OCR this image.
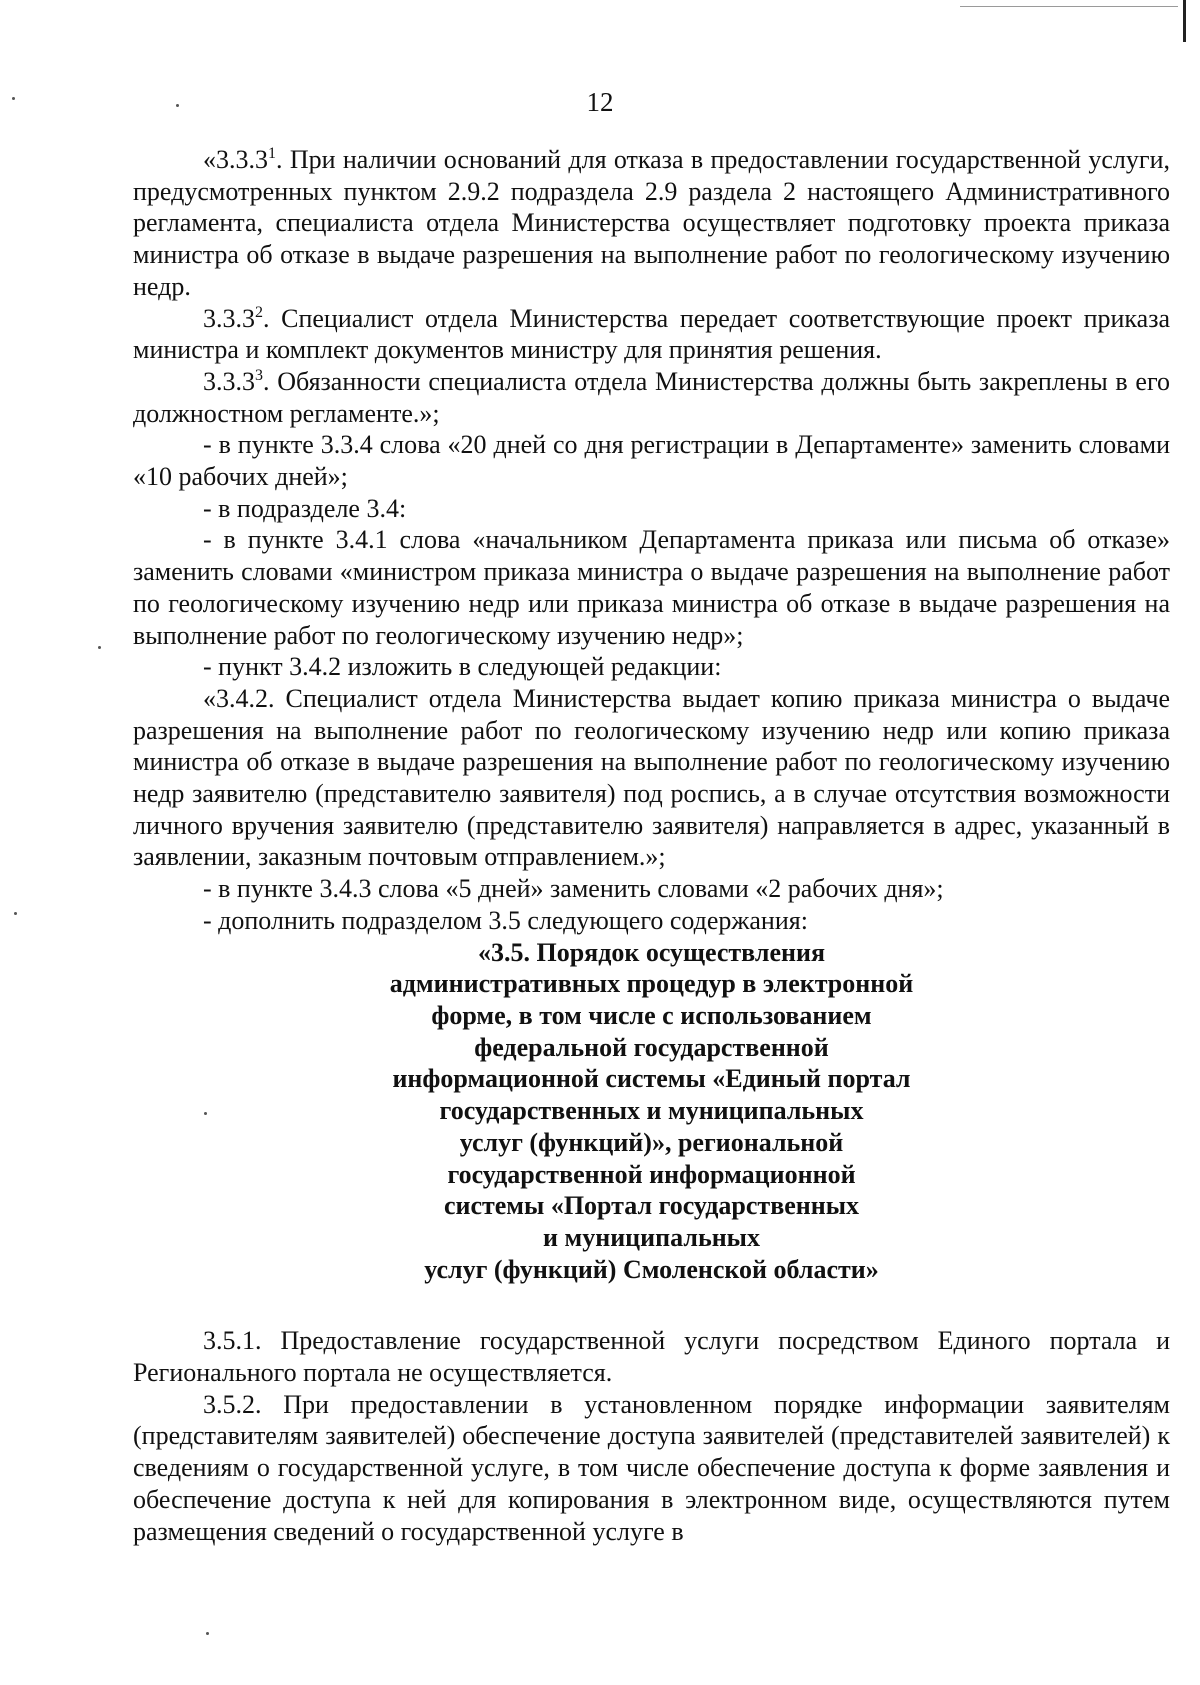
12

«3.3.3$^1$. При наличии оснований для отказа в предоставлении государственной услуги, предусмотренных пунктом 2.9.2 подраздела 2.9 раздела 2 настоящего Административного регламента, специалиста отдела Министерства осуществляет подготовку проекта приказа министра об отказе в выдаче разрешения на выполнение работ по геологическому изучению недр.

3.3.3$^2$. Специалист отдела Министерства передает соответствующие проект приказа министра и комплект документов министру для принятия решения.

3.3.3$^3$. Обязанности специалиста отдела Министерства должны быть закреплены в его должностном регламенте.»;

- в пункте 3.3.4 слова «20 дней со дня регистрации в Департаменте» заменить словами «10 рабочих дней»;

- в подразделе 3.4:

- в пункте 3.4.1 слова «начальником Департамента приказа или письма об отказе» заменить словами «министром приказа министра о выдаче разрешения на выполнение работ по геологическому изучению недр или приказа министра об отказе в выдаче разрешения на выполнение работ по геологическому изучению недр»;

- пункт 3.4.2 изложить в следующей редакции:

«3.4.2. Специалист отдела Министерства выдает копию приказа министра о выдаче разрешения на выполнение работ по геологическому изучению недр или копию приказа министра об отказе в выдаче разрешения на выполнение работ по геологическому изучению недр заявителю (представителю заявителя) под роспись, а в случае отсутствия возможности личного вручения заявителю (представителю заявителя) направляется в адрес, указанный в заявлении, заказным почтовым отправлением.»;

- в пункте 3.4.3 слова «5 дней» заменить словами «2 рабочих дня»;

- дополнить подразделом 3.5 следующего содержания:

«3.5. Порядок осуществления
административных процедур в электронной
форме, в том числе с использованием
федеральной государственной
информационной системы «Единый портал
государственных и муниципальных
услуг (функций)», региональной
государственной информационной
системы «Портал государственных
и муниципальных
услуг (функций) Смоленской области»

3.5.1. Предоставление государственной услуги посредством Единого портала и Регионального портала не осуществляется.

3.5.2. При предоставлении в установленном порядке информации заявителям (представителям заявителей) обеспечение доступа заявителей (представителей заявителей) к сведениям о государственной услуге, в том числе обеспечение доступа к форме заявления и обеспечение доступа к ней для копирования в электронном виде, осуществляются путем размещения сведений о государственной услуге в
